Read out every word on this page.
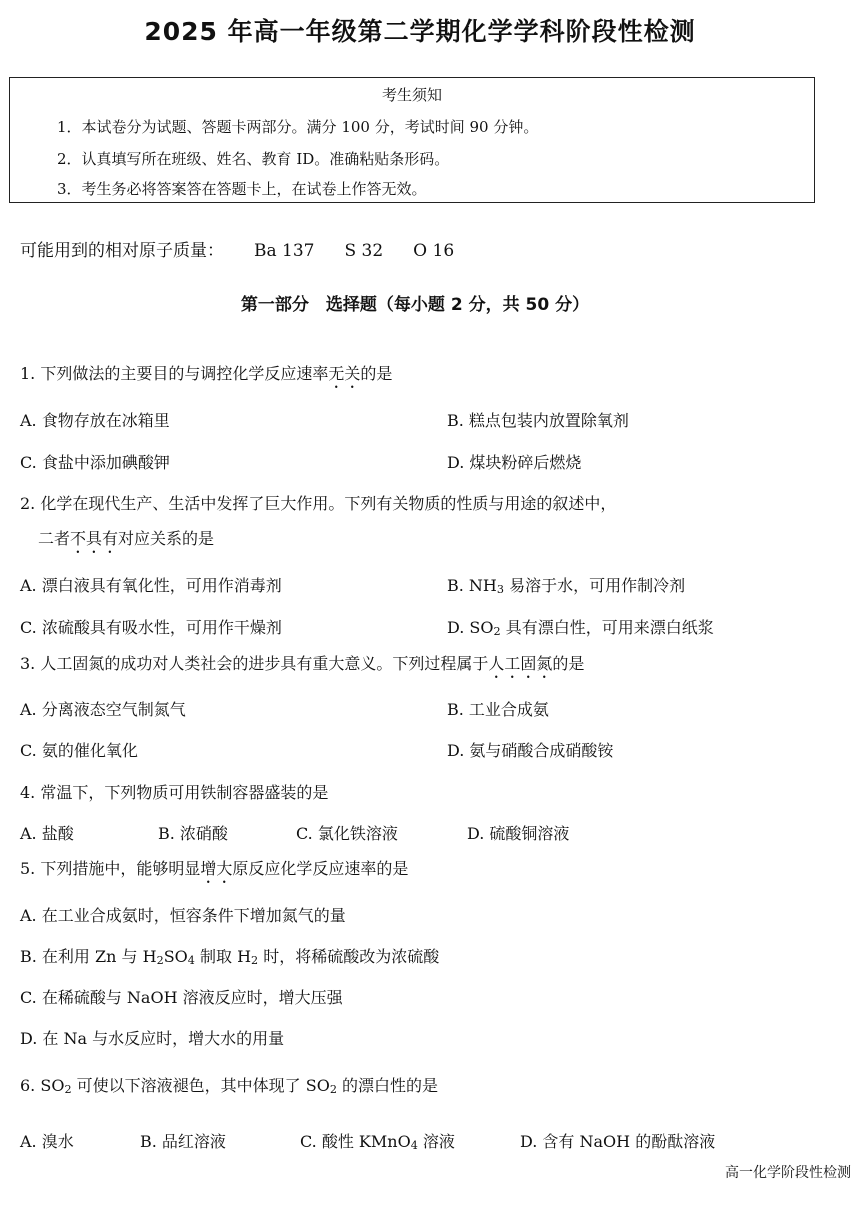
2025 年高一年级第二学期化学学科阶段性检测
考生须知
1．本试卷分为试题、答题卡两部分。满分 100 分，考试时间 90 分钟。
2．认真填写所在班级、姓名、教育 ID。准确粘贴条形码。
3．考生务必将答案答在答题卡上，在试卷上作答无效。
可能用到的相对原子质量： Ba 137 S 32 O 16
第一部分　选择题（每小题 2 分，共 50 分）
1. 下列做法的主要目的与调控化学反应速率无关的是
A. 食物存放在冰箱里	B. 糕点包装内放置除氧剂
C. 食盐中添加碘酸钾	D. 煤块粉碎后燃烧
2. 化学在现代生产、生活中发挥了巨大作用。下列有关物质的性质与用途的叙述中，
二者不具有对应关系的是
A. 漂白液具有氧化性，可用作消毒剂	B. $NH_3$ 易溶于水，可用作制冷剂
C. 浓硫酸具有吸水性，可用作干燥剂	D. $SO_2$ 具有漂白性，可用来漂白纸浆
3. 人工固氮的成功对人类社会的进步具有重大意义。下列过程属于人工固氮的是
A. 分离液态空气制氮气	B. 工业合成氨
C. 氨的催化氧化	D. 氨与硝酸合成硝酸铵
4. 常温下，下列物质可用铁制容器盛装的是
A. 盐酸	B. 浓硝酸	C. 氯化铁溶液	D. 硫酸铜溶液
5. 下列措施中，能够明显增大原反应化学反应速率的是
A. 在工业合成氨时，恒容条件下增加氮气的量
B. 在利用 Zn 与 $H_2SO_4$ 制取 $H_2$ 时，将稀硫酸改为浓硫酸
C. 在稀硫酸与 NaOH 溶液反应时，增大压强
D. 在 Na 与水反应时，增大水的用量
6. $SO_2$ 可使以下溶液褪色，其中体现了 $SO_2$ 的漂白性的是
A. 溴水	B. 品红溶液	C. 酸性 KMnO$_4$ 溶液	D. 含有 NaOH 的酚酞溶液
高一化学阶段性检测
